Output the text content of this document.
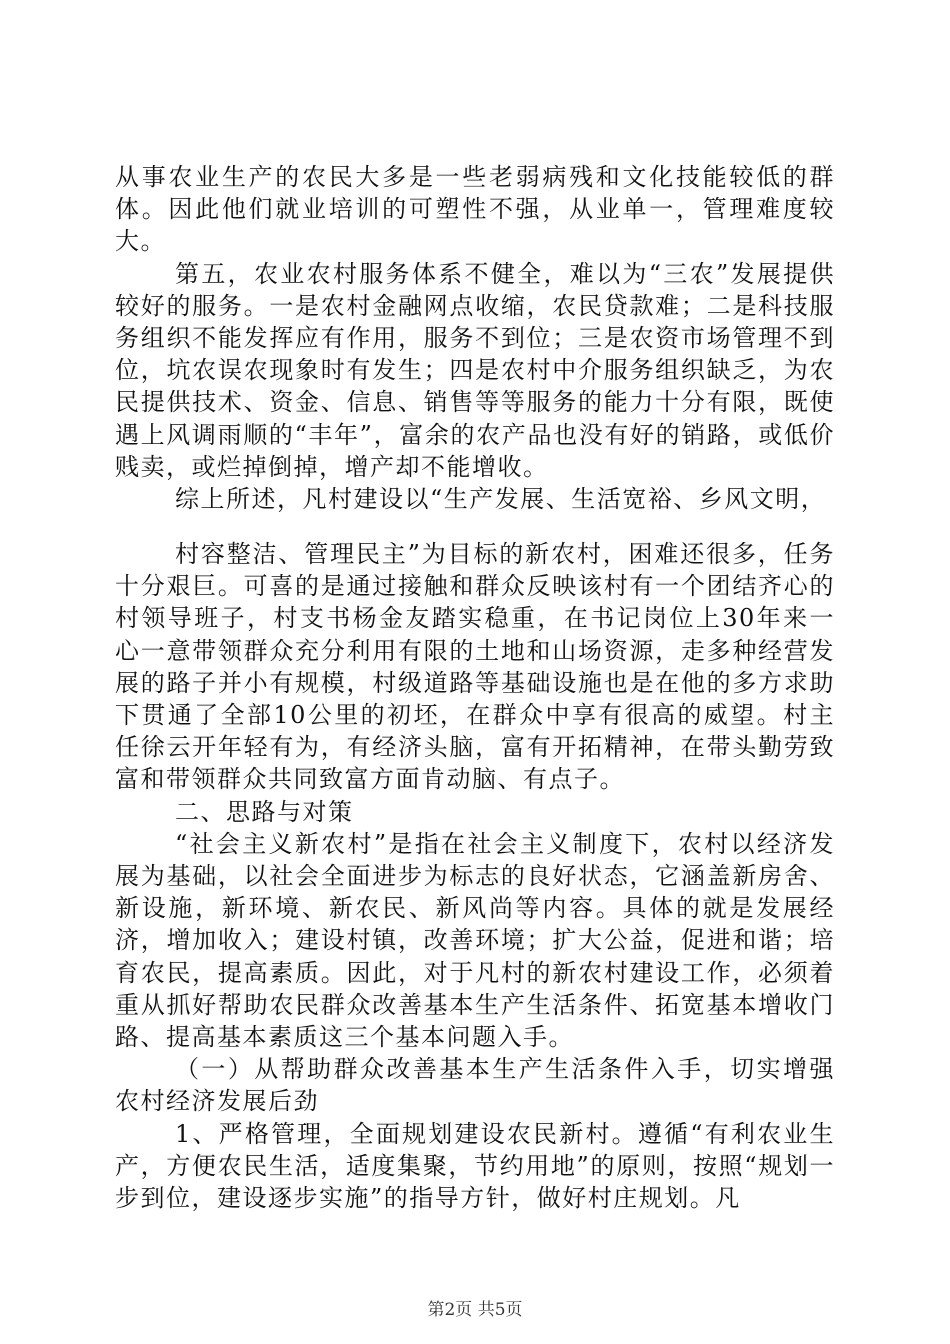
从事农业生产的农民大多是一些老弱病残和文化技能较低的群体。因此他们就业培训的可塑性不强，从业单一，管理难度较大。

第五，农业农村服务体系不健全，难以为“三农”发展提供较好的服务。一是农村金融网点收缩，农民贷款难；二是科技服务组织不能发挥应有作用，服务不到位；三是农资市场管理不到位，坑农误农现象时有发生；四是农村中介服务组织缺乏，为农民提供技术、资金、信息、销售等等服务的能力十分有限，既使遇上风调雨顺的“丰年”，富余的农产品也没有好的销路，或低价贱卖，或烂掉倒掉，增产却不能增收。

综上所述，凡村建设以“生产发展、生活宽裕、乡风文明，

村容整洁、管理民主”为目标的新农村，困难还很多，任务十分艰巨。可喜的是通过接触和群众反映该村有一个团结齐心的村领导班子，村支书杨金友踏实稳重，在书记岗位上30年来一心一意带领群众充分利用有限的土地和山场资源，走多种经营发展的路子并小有规模，村级道路等基础设施也是在他的多方求助下贯通了全部10公里的初坯，在群众中享有很高的威望。村主任徐云开年轻有为，有经济头脑，富有开拓精神，在带头勤劳致富和带领群众共同致富方面肯动脑、有点子。

二、思路与对策

“社会主义新农村”是指在社会主义制度下，农村以经济发展为基础，以社会全面进步为标志的良好状态，它涵盖新房舍、新设施，新环境、新农民、新风尚等内容。具体的就是发展经济，增加收入；建设村镇，改善环境；扩大公益，促进和谐；培育农民，提高素质。因此，对于凡村的新农村建设工作，必须着重从抓好帮助农民群众改善基本生产生活条件、拓宽基本增收门路、提高基本素质这三个基本问题入手。

（一）从帮助群众改善基本生产生活条件入手，切实增强农村经济发展后劲

1、严格管理，全面规划建设农民新村。遵循“有利农业生产，方便农民生活，适度集聚，节约用地”的原则，按照“规划一步到位，建设逐步实施”的指导方针，做好村庄规划。凡

第2页 共5页
